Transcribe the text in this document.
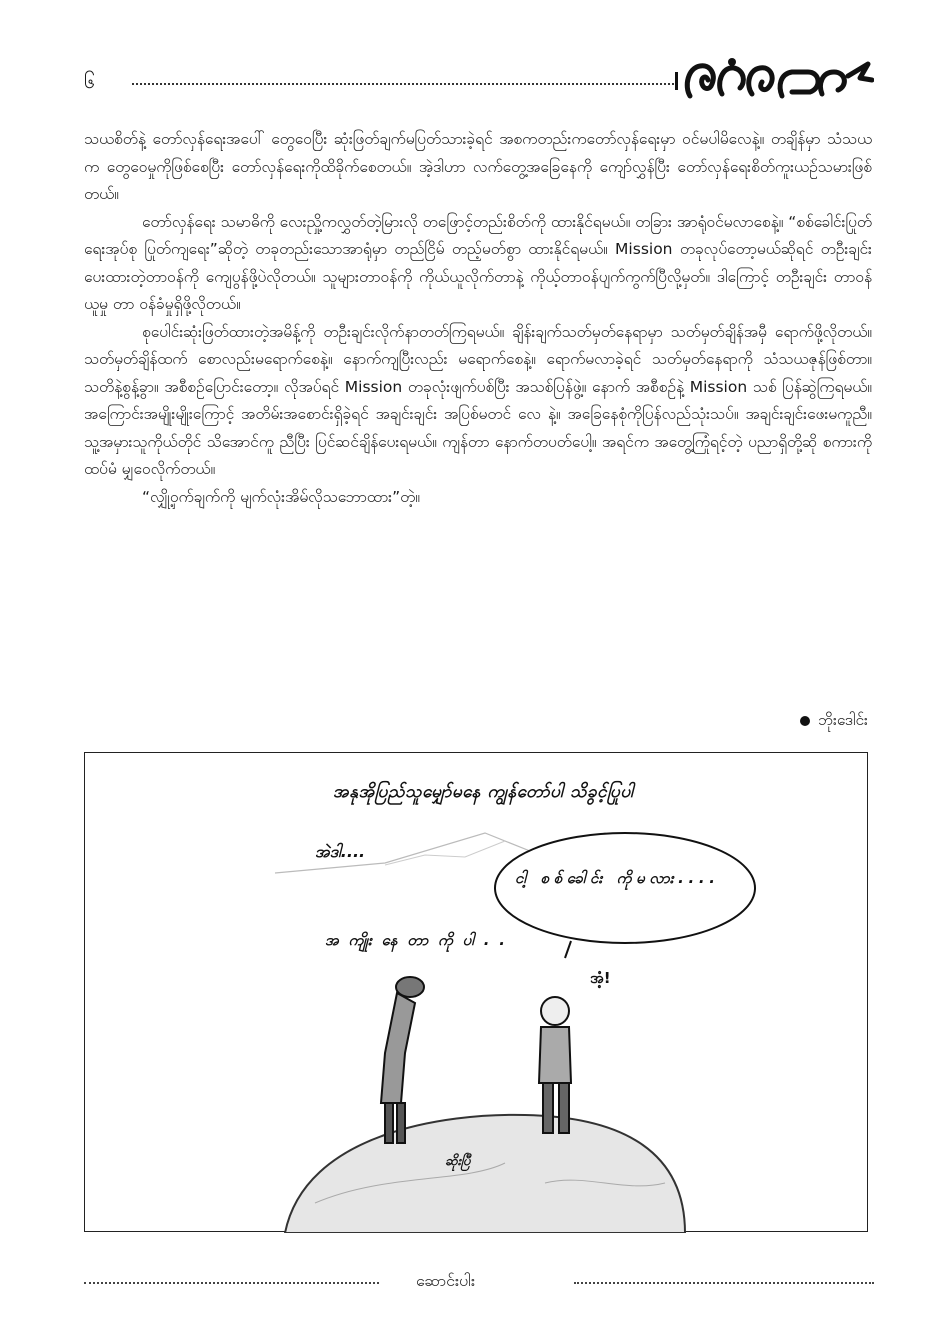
၆

သယစိတ်နဲ့ တော်လှန်ရေးအပေါ် တွေဝေပြီး ဆုံးဖြတ်ချက်မပြတ်သားခဲ့ရင် အစကတည်းကတော်လှန်ရေးမှာ ဝင်မပါမိလေနဲ့။ တချိန်မှာ သံသယက တွေဝေမှုကိုဖြစ်စေပြီး တော်လှန်ရေးကိုထိခိုက်စေတယ်။ အဲ့ဒါဟာ လက်တွေ့အခြေနေကို ကျော်လွှန်ပြီး တော်လှန်ရေးစိတ်ကူးယဉ်သမားဖြစ်တယ်။

တော်လှန်ရေး သမာဓိကို လေးညှို့ကလွှတ်တဲ့မြားလို တဖြောင့်တည်းစိတ်ကို ထားနိုင်ရမယ်။ တခြား အာရုံဝင်မလာစေနဲ့။ “စစ်ခေါင်းပြုတ်ရေးအုပ်စု ပြုတ်ကျရေး”ဆိုတဲ့ တခုတည်းသောအာရုံမှာ တည်ငြိမ် တည့်မတ်စွာ ထားနိုင်ရမယ်။ Mission တခုလုပ်တော့မယ်ဆိုရင် တဦးချင်းပေးထားတဲ့တာဝန်ကို ကျေပွန်ဖို့ပဲလိုတယ်။ သူများတာဝန်ကို ကိုယ်ယူလိုက်တာနဲ့ ကိုယ့်တာဝန်ပျက်ကွက်ပြီလို့မှတ်။ ဒါကြောင့် တဦးချင်း တာဝန်ယူမှု တာ ဝန်ခံမှုရှိဖို့လိုတယ်။

စုပေါင်းဆုံးဖြတ်ထားတဲ့အမိန့်ကို တဦးချင်းလိုက်နာတတ်ကြရမယ်။ ချိန်းချက်သတ်မှတ်နေရာမှာ သတ်မှတ်ချိန်အမှီ ရောက်ဖို့လိုတယ်။ သတ်မှတ်ချိန်ထက် စောလည်းမရောက်စေနဲ့။ နောက်ကျပြီးလည်း မရောက်စေနဲ့။ ရောက်မလာခဲ့ရင် သတ်မှတ်နေရာကို သံသယဇုန်ဖြစ်တာ။ သတိနဲ့စွန့်ခွာ။ အစီစဉ်ပြောင်းတော့။ လိုအပ်ရင် Mission တခုလုံးဖျက်ပစ်ပြီး အသစ်ပြန်ဖွဲ့။ နောက် အစီစဉ်နဲ့ Mission သစ် ပြန်ဆွဲကြရမယ်။ အကြောင်းအမျိုးမျိုးကြောင့် အတိမ်းအစောင်းရှိခဲ့ရင် အချင်းချင်း အပြစ်မတင် လေ နဲ့။ အခြေနေစုံကိုပြန်လည်သုံးသပ်။ အချင်းချင်းဖေးမကူညီ။ သူ့အမှားသူကိုယ်တိုင် သိအောင်ကူ ညီပြီး ပြင်ဆင်ချိန်ပေးရမယ်။ ကျန်တာ နောက်တပတ်ပေါ့။ အရင်က အတွေ့ကြုံရင့်တဲ့ ပညာရှိတို့ဆို စကားကို ထပ်မံ မျှဝေလိုက်တယ်။

“လျှို့ဝှက်ချက်ကို မျက်လုံးအိမ်လိုသဘောထား”တဲ့။

ဘိုးဒေါင်း
အနုအိုပြည်သူမျှော်မနေ ကျွန်တော်ပါ သိခွင့်ပြုပါ
အဲဒါ....
ငါ့ စစ်ခေါင်း ကိုမလား....
အကျိုးနေတာကိုပါ..
အံ့!
ဆိုးပြီ
ဆောင်းပါး
